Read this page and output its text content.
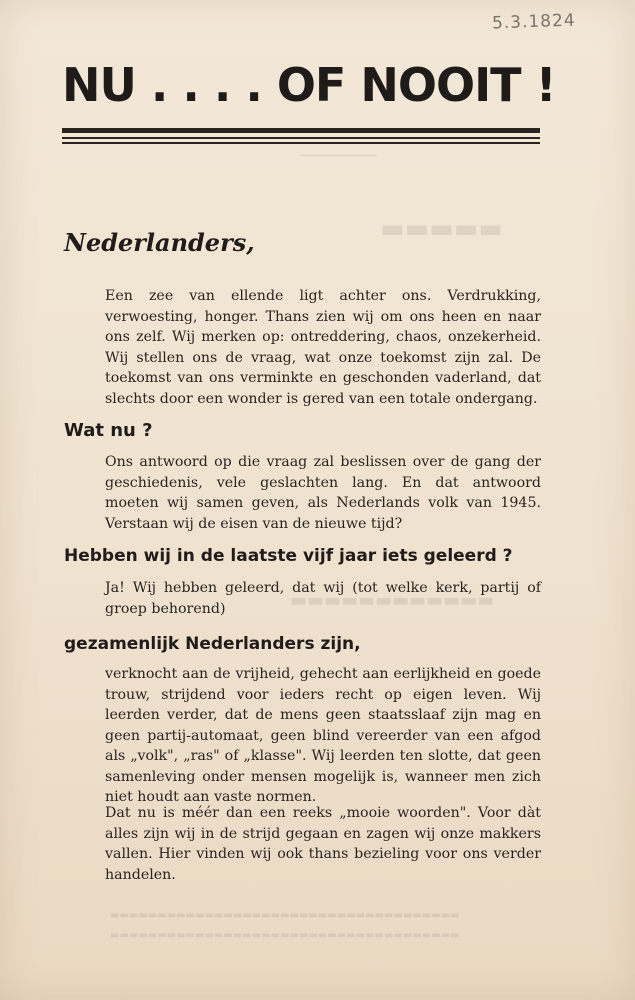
────────
▬▬▬▬▬
▬▬▬▬▬▬▬▬▬▬▬▬
▬▬▬▬▬▬▬▬▬▬▬▬▬▬▬▬▬▬▬▬▬▬▬▬▬▬▬▬▬▬▬▬▬▬▬▬▬
▬▬▬▬▬▬▬▬▬▬▬▬▬▬▬▬▬▬▬▬▬▬▬▬▬▬▬▬▬▬▬▬▬▬▬▬▬
5.3.1824
NU . . . . OF NOOIT !
Nederlanders,

Een zee van ellende ligt achter ons. Verdrukking, verwoesting, honger. Thans zien wij om ons heen en naar ons zelf. Wij merken op: ontreddering, chaos, onzekerheid. Wij stellen ons de vraag, wat onze toekomst zijn zal. De toekomst van ons verminkte en geschonden vaderland, dat slechts door een wonder is gered van een totale ondergang.

Wat nu ?

Ons antwoord op die vraag zal beslissen over de gang der geschiedenis, vele geslachten lang. En dat antwoord moeten wij samen geven, als Nederlands volk van 1945. Verstaan wij de eisen van de nieuwe tijd?

Hebben wij in de laatste vijf jaar iets geleerd ?

Ja! Wij hebben geleerd, dat wij (tot welke kerk, partij of groep behorend)

gezamenlijk Nederlanders zijn,

verknocht aan de vrijheid, gehecht aan eerlijkheid en goede trouw, strijdend voor ieders recht op eigen leven. Wij leerden verder, dat de mens geen staatsslaaf zijn mag en geen partij-automaat, geen blind vereerder van een afgod als „volk", „ras" of „klasse". Wij leerden ten slotte, dat geen samenleving onder mensen mogelijk is, wanneer men zich niet houdt aan vaste normen.

Dat nu is méér dan een reeks „mooie woorden". Voor dàt alles zijn wij in de strijd gegaan en zagen wij onze makkers vallen. Hier vinden wij ook thans bezieling voor ons verder handelen.
